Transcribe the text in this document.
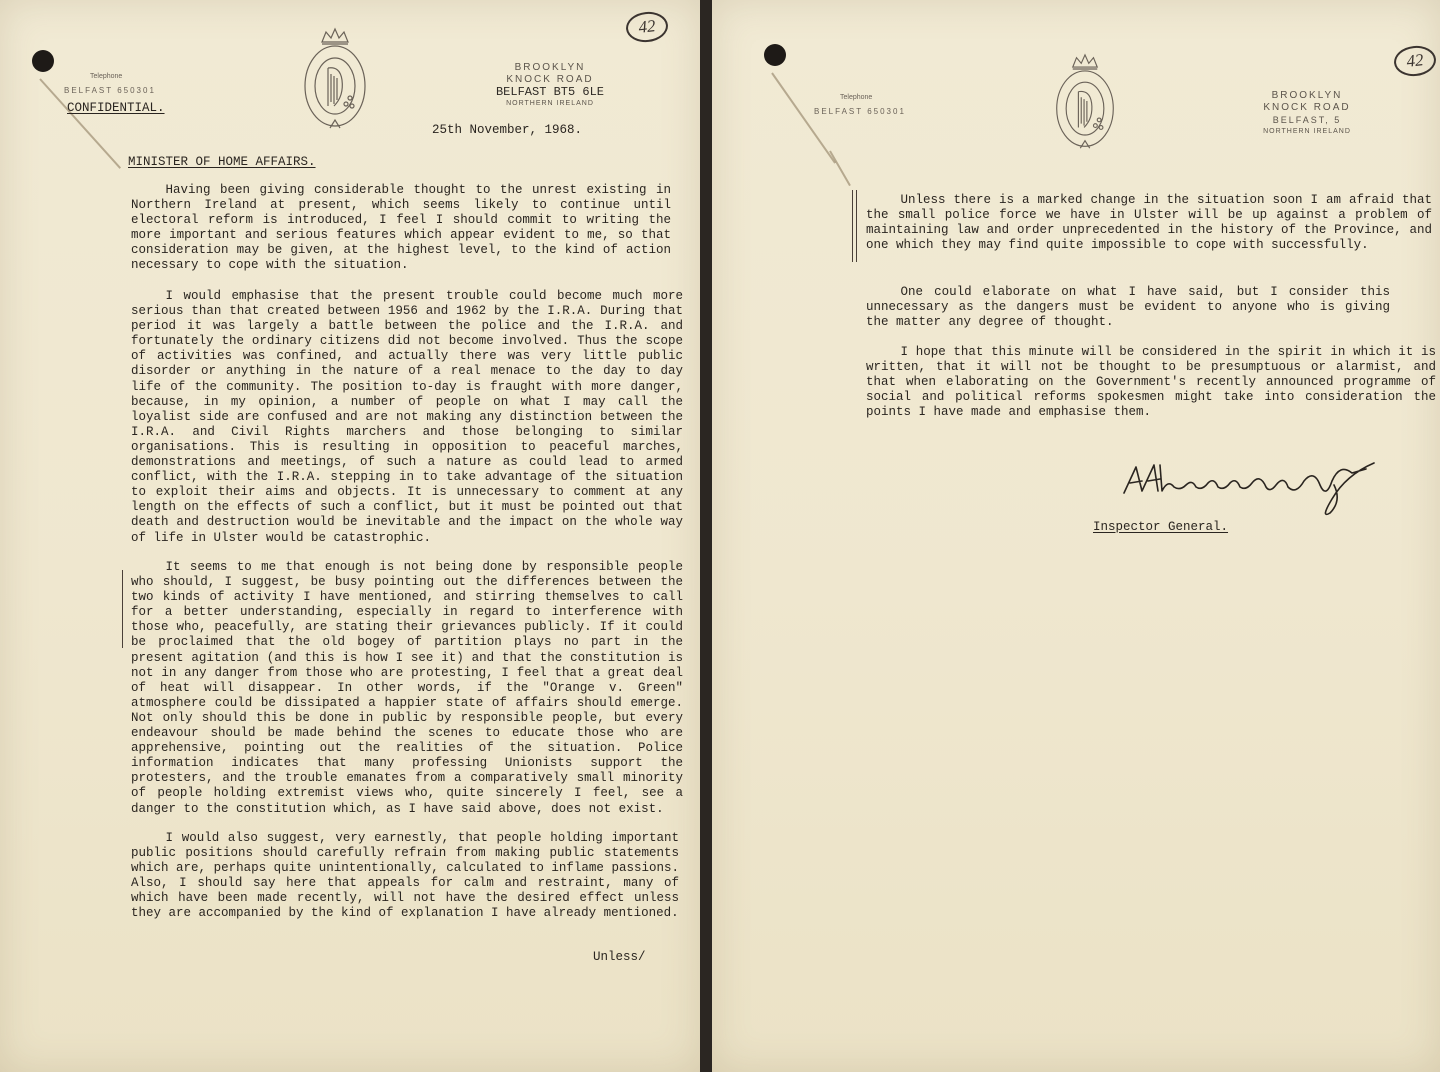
42
Telephone
BELFAST 650301
BROOKLYN
KNOCK ROAD
BELFAST BT5 6LE
NORTHERN IRELAND
CONFIDENTIAL.
25th November, 1968.
MINISTER OF HOME AFFAIRS.

Having been giving considerable thought to the unrest existing in Northern Ireland at present, which seems likely to continue until electoral reform is introduced, I feel I should commit to writing the more important and serious features which appear evident to me, so that consideration may be given, at the highest level, to the kind of action necessary to cope with the situation.

I would emphasise that the present trouble could become much more serious than that created between 1956 and 1962 by the I.R.A. During that period it was largely a battle between the police and the I.R.A. and fortunately the ordinary citizens did not become involved. Thus the scope of activities was confined, and actually there was very little public disorder or anything in the nature of a real menace to the day to day life of the community. The position to-day is fraught with more danger, because, in my opinion, a number of people on what I may call the loyalist side are confused and are not making any distinction between the I.R.A. and Civil Rights marchers and those belonging to similar organisations. This is resulting in opposition to peaceful marches, demonstrations and meetings, of such a nature as could lead to armed conflict, with the I.R.A. stepping in to take advantage of the situation to exploit their aims and objects. It is unnecessary to comment at any length on the effects of such a conflict, but it must be pointed out that death and destruction would be inevitable and the impact on the whole way of life in Ulster would be catastrophic.

It seems to me that enough is not being done by responsible people who should, I suggest, be busy pointing out the differences between the two kinds of activity I have mentioned, and stirring themselves to call for a better understanding, especially in regard to interference with those who, peacefully, are stating their grievances publicly. If it could be proclaimed that the old bogey of partition plays no part in the present agitation (and this is how I see it) and that the constitution is not in any danger from those who are protesting, I feel that a great deal of heat will disappear. In other words, if the "Orange v. Green" atmosphere could be dissipated a happier state of affairs should emerge. Not only should this be done in public by responsible people, but every endeavour should be made behind the scenes to educate those who are apprehensive, pointing out the realities of the situation. Police information indicates that many professing Unionists support the protesters, and the trouble emanates from a comparatively small minority of people holding extremist views who, quite sincerely I feel, see a danger to the constitution which, as I have said above, does not exist.

I would also suggest, very earnestly, that people holding important public positions should carefully refrain from making public statements which are, perhaps quite unintentionally, calculated to inflame passions. Also, I should say here that appeals for calm and restraint, many of which have been made recently, will not have the desired effect unless they are accompanied by the kind of explanation I have already mentioned.

Unless/
42
Telephone
BELFAST 650301
BROOKLYN
KNOCK ROAD
BELFAST, 5
NORTHERN IRELAND

Unless there is a marked change in the situation soon I am afraid that the small police force we have in Ulster will be up against a problem of maintaining law and order unprecedented in the history of the Province, and one which they may find quite impossible to cope with successfully.

One could elaborate on what I have said, but I consider this unnecessary as the dangers must be evident to anyone who is giving the matter any degree of thought.

I hope that this minute will be considered in the spirit in which it is written, that it will not be thought to be presumptuous or alarmist, and that when elaborating on the Government's recently announced programme of social and political reforms spokesmen might take into consideration the points I have made and emphasise them.

Inspector General.
